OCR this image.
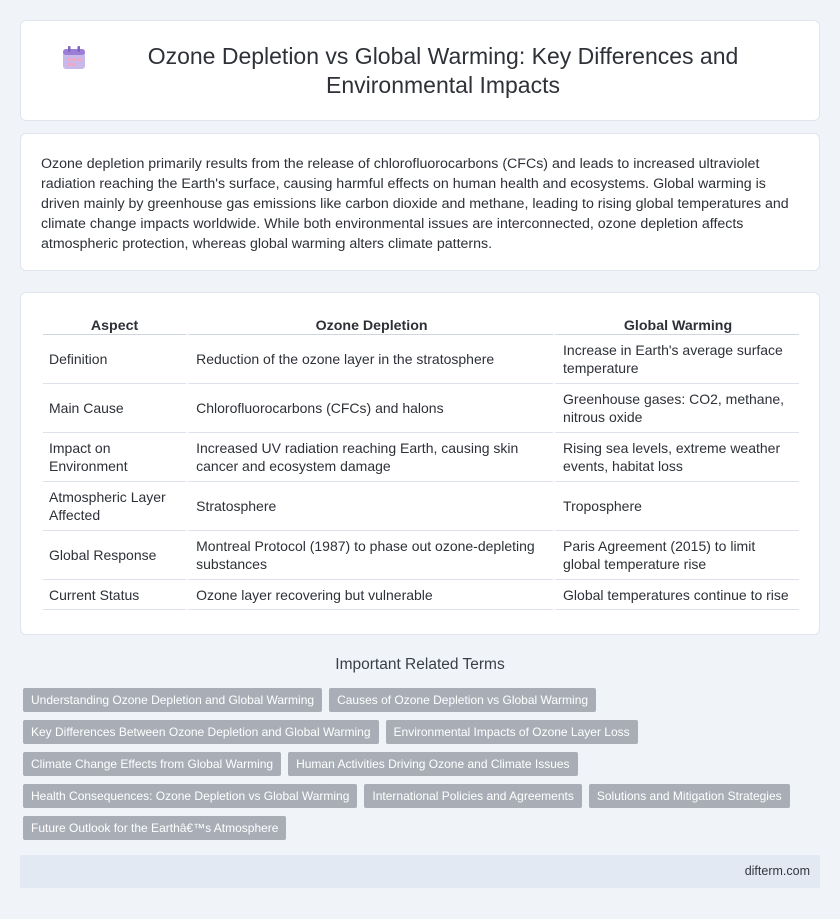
Ozone Depletion vs Global Warming: Key Differences and Environmental Impacts

Ozone depletion primarily results from the release of chlorofluorocarbons (CFCs) and leads to increased ultraviolet radiation reaching the Earth's surface, causing harmful effects on human health and ecosystems. Global warming is driven mainly by greenhouse gas emissions like carbon dioxide and methane, leading to rising global temperatures and climate change impacts worldwide. While both environmental issues are interconnected, ozone depletion affects atmospheric protection, whereas global warming alters climate patterns.

Aspect	Ozone Depletion	Global Warming
Definition	Reduction of the ozone layer in the stratosphere	Increase in Earth's average surface temperature
Main Cause	Chlorofluorocarbons (CFCs) and halons	Greenhouse gases: CO2, methane, nitrous oxide
Impact on Environment	Increased UV radiation reaching Earth, causing skin cancer and ecosystem damage	Rising sea levels, extreme weather events, habitat loss
Atmospheric Layer Affected	Stratosphere	Troposphere
Global Response	Montreal Protocol (1987) to phase out ozone-depleting substances	Paris Agreement (2015) to limit global temperature rise
Current Status	Ozone layer recovering but vulnerable	Global temperatures continue to rise
Important Related Terms
Understanding Ozone Depletion and Global Warming	Causes of Ozone Depletion vs Global Warming
Key Differences Between Ozone Depletion and Global Warming	Environmental Impacts of Ozone Layer Loss
Climate Change Effects from Global Warming	Human Activities Driving Ozone and Climate Issues
Health Consequences: Ozone Depletion vs Global Warming	International Policies and Agreements	Solutions and Mitigation Strategies
Future Outlook for the Earthâ€™s Atmosphere
difterm.com
